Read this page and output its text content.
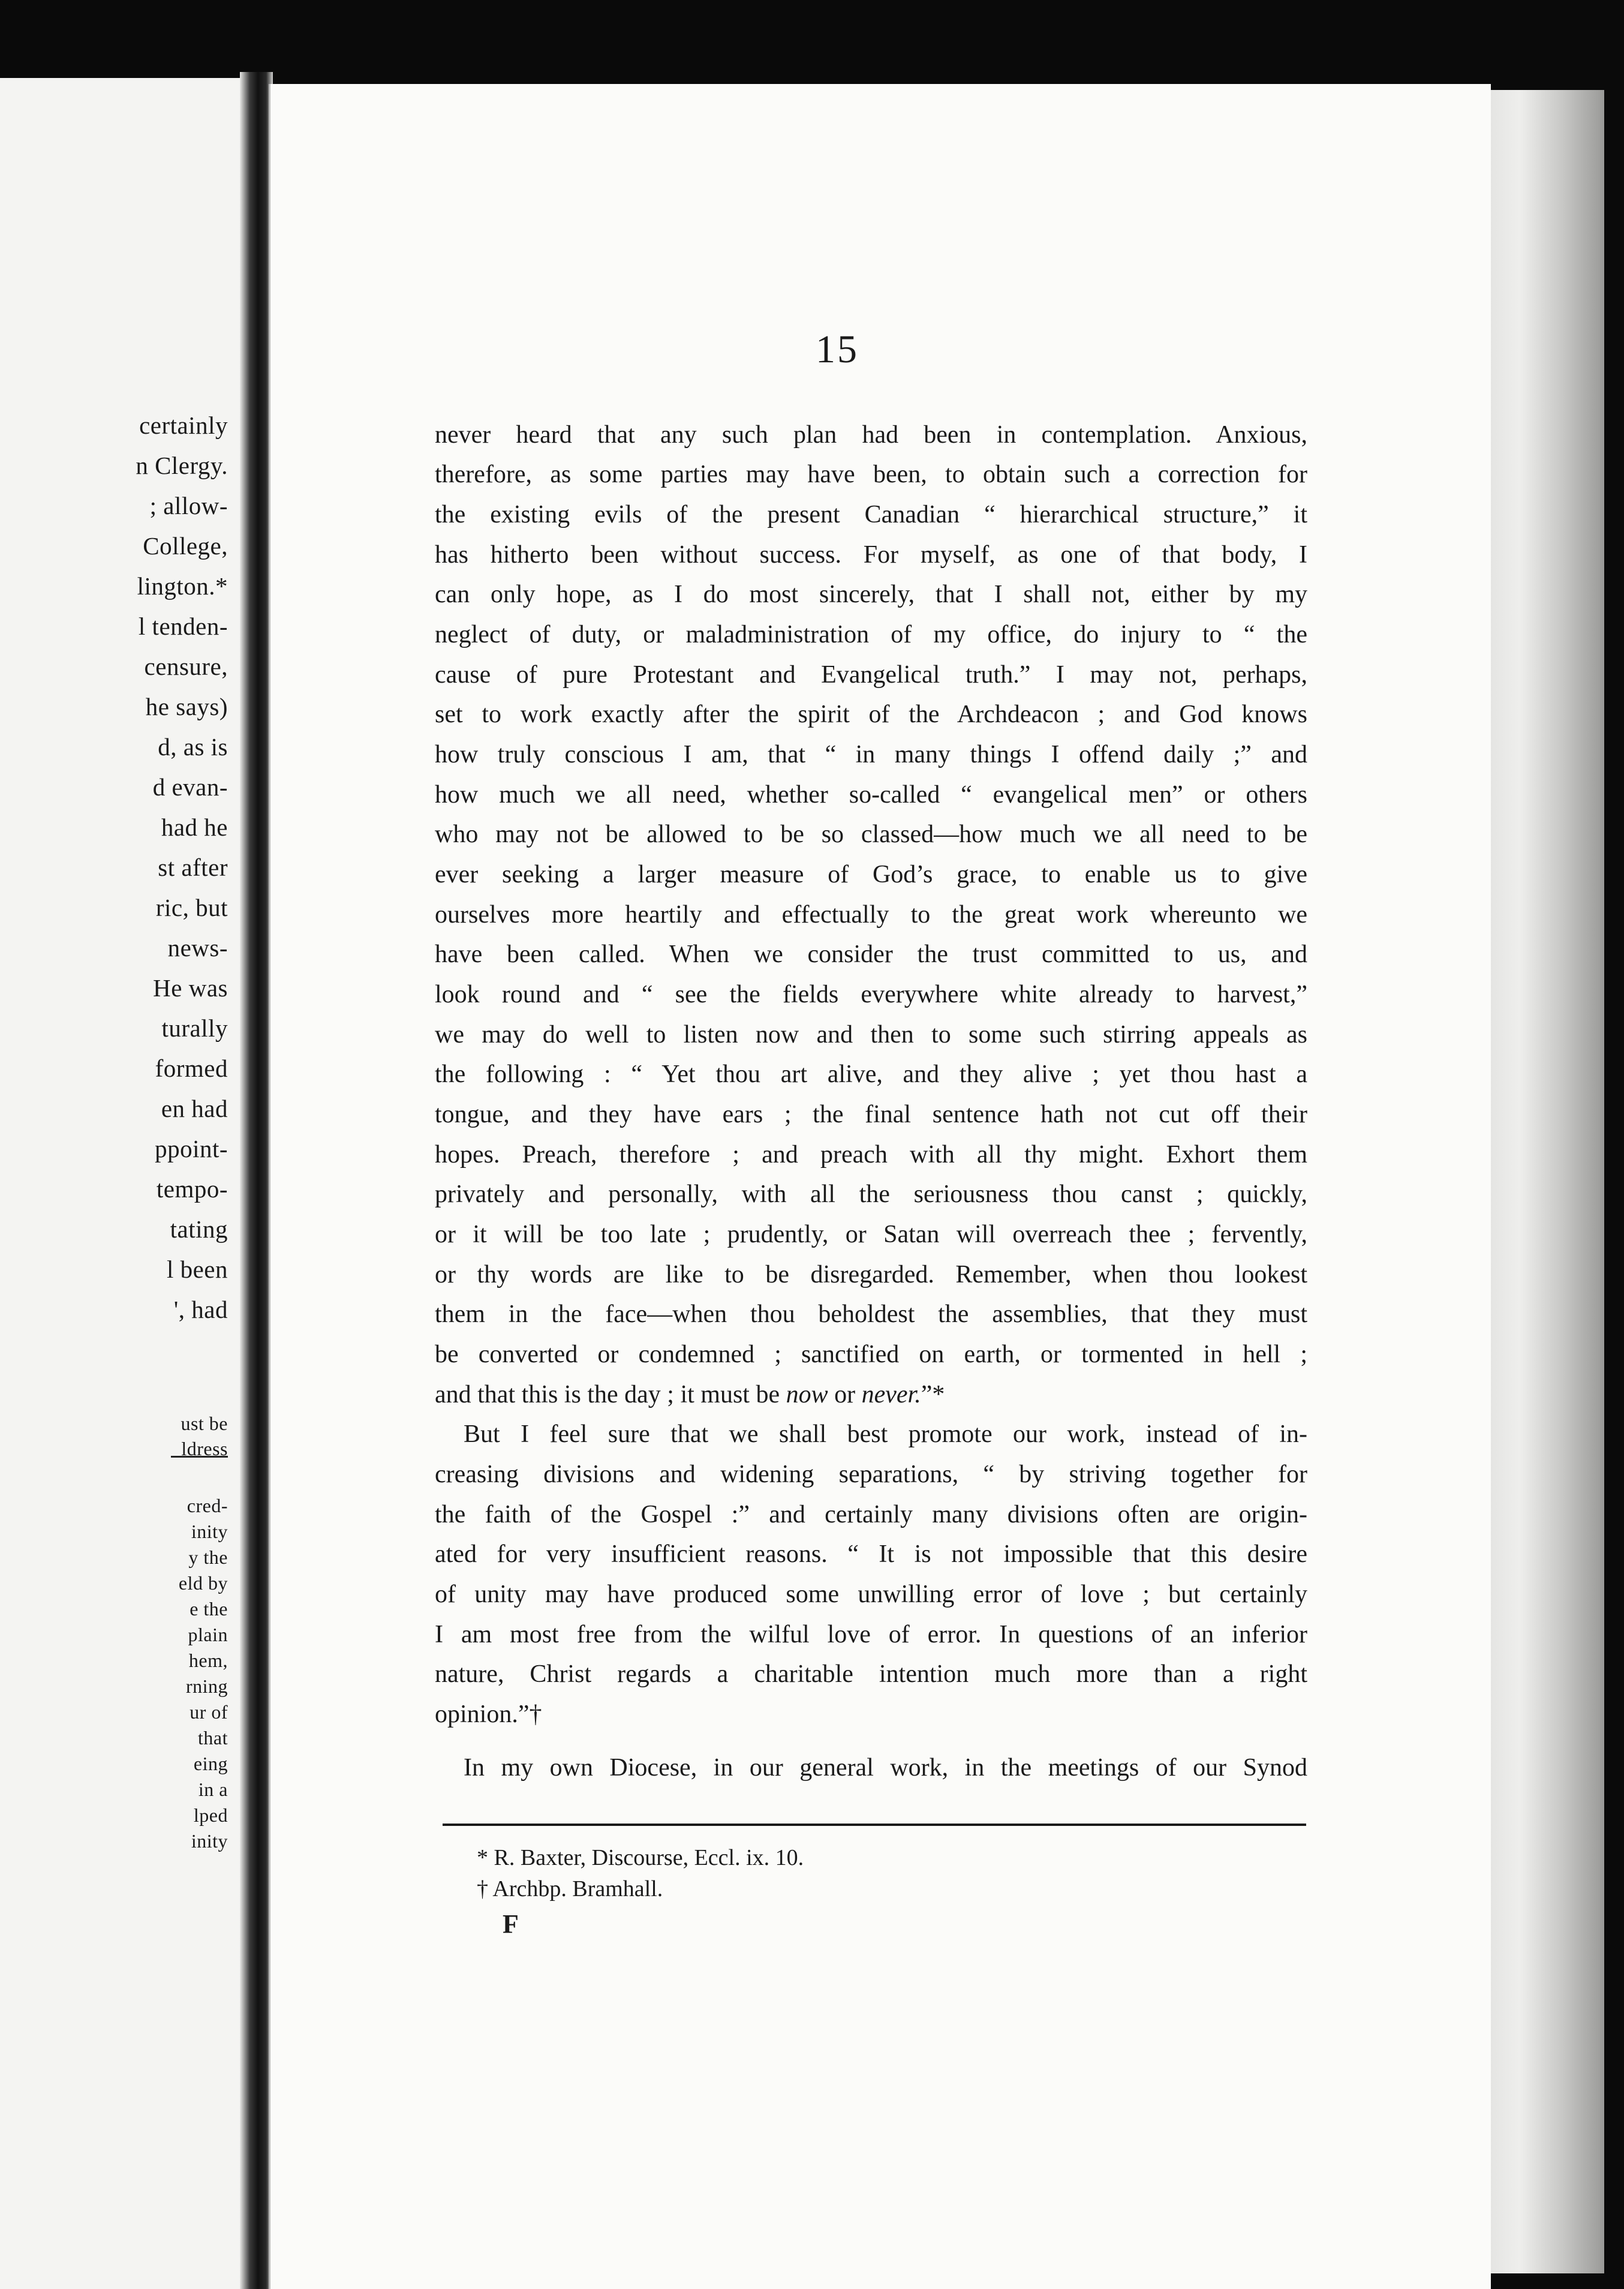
certainly
n Clergy.
; allow-
College,
lington.*
l tenden-
censure,
he says)
d, as is
d evan-
had he
st after
ric, but
news-
He was
turally
formed
en had
ppoint-
tempo-
tating
l been
', had
ust be
ldress
cred-
inity
y the
eld by
e the
plain
hem,
rning
ur of
that
eing
in a
lped
inity
15
never heard that any such plan had been in contemplation. Anxious,
therefore, as some parties may have been, to obtain such a correction for
the existing evils of the present Canadian “ hierarchical structure,” it
has hitherto been without success. For myself, as one of that body, I
can only hope, as I do most sincerely, that I shall not, either by my
neglect of duty, or maladministration of my office, do injury to “ the
cause of pure Protestant and Evangelical truth.” I may not, perhaps,
set to work exactly after the spirit of the Archdeacon ; and God knows
how truly conscious I am, that “ in many things I offend daily ;” and
how much we all need, whether so-called “ evangelical men” or others
who may not be allowed to be so classed—how much we all need to be
ever seeking a larger measure of God’s grace, to enable us to give
ourselves more heartily and effectually to the great work whereunto we
have been called. When we consider the trust committed to us, and
look round and “ see the fields everywhere white already to harvest,”
we may do well to listen now and then to some such stirring appeals as
the following : “ Yet thou art alive, and they alive ; yet thou hast a
tongue, and they have ears ; the final sentence hath not cut off their
hopes. Preach, therefore ; and preach with all thy might. Exhort them
privately and personally, with all the seriousness thou canst ; quickly,
or it will be too late ; prudently, or Satan will overreach thee ; fervently,
or thy words are like to be disregarded. Remember, when thou lookest
them in the face—when thou beholdest the assemblies, that they must
be converted or condemned ; sanctified on earth, or tormented in hell ;
and that this is the day ; it must be now or never.”*
But I feel sure that we shall best promote our work, instead of in-
creasing divisions and widening separations, “ by striving together for
the faith of the Gospel :” and certainly many divisions often are origin-
ated for very insufficient reasons. “ It is not impossible that this desire
of unity may have produced some unwilling error of love ; but certainly
I am most free from the wilful love of error. In questions of an inferior
nature, Christ regards a charitable intention much more than a right
opinion.”†
In my own Diocese, in our general work, in the meetings of our Synod
* R. Baxter, Discourse, Eccl. ix. 10.
† Archbp. Bramhall.
F
